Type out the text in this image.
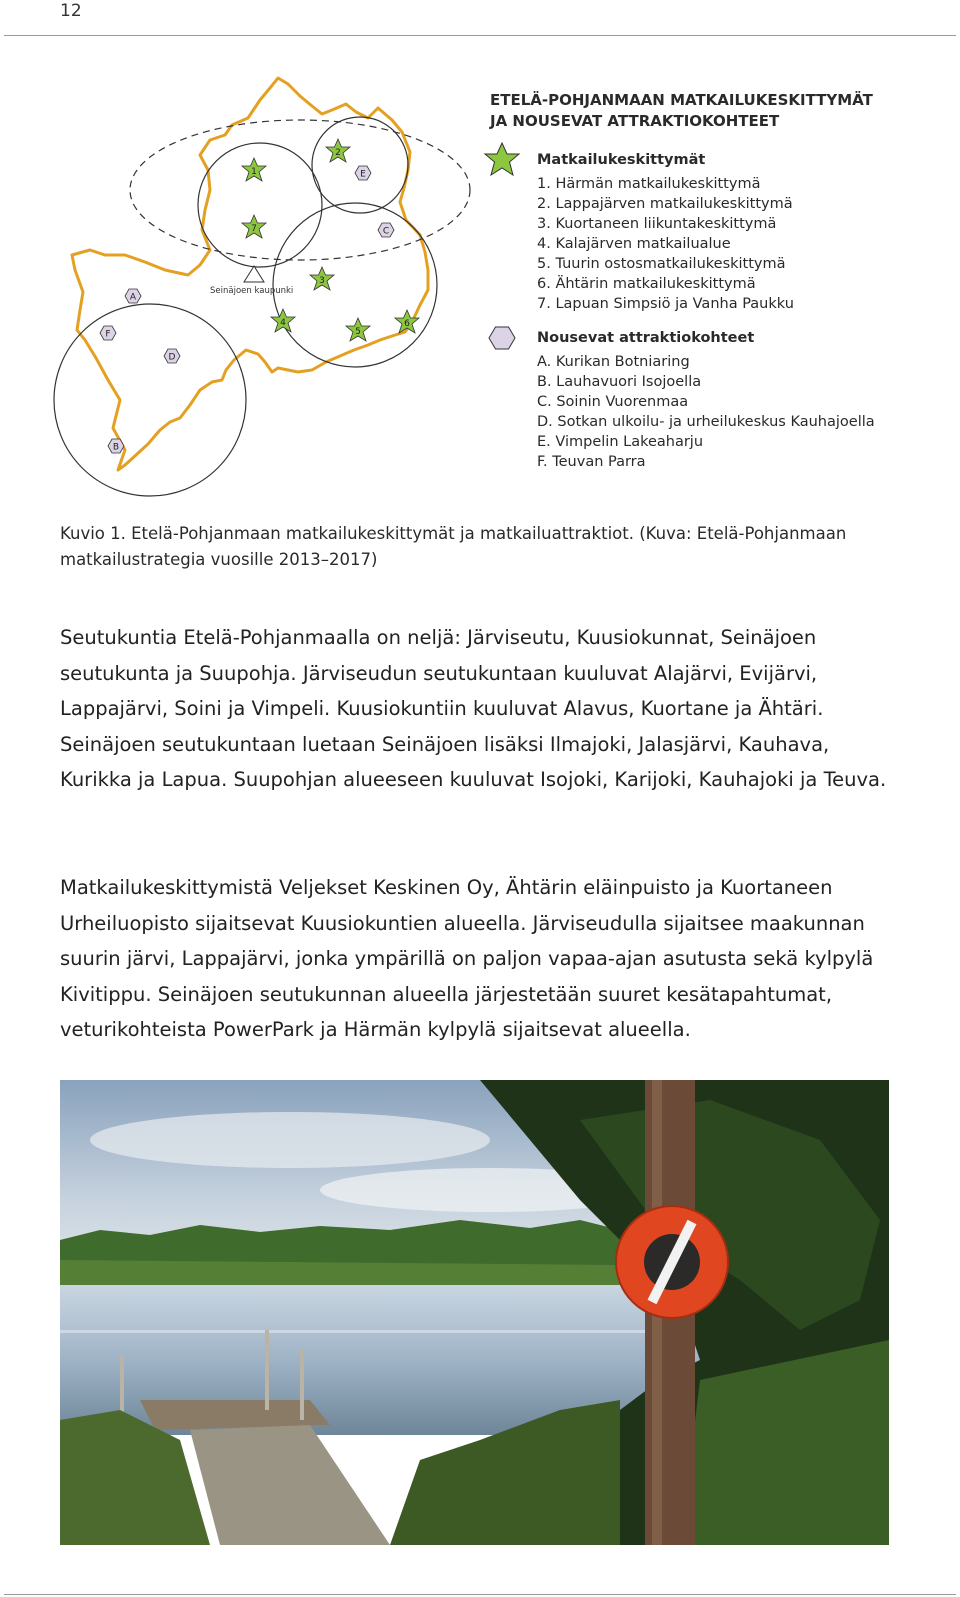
12
Seinäjoen kaupunki
1
2
3
4
5
6
7
A
B
C
D
E
F
ETELÄ-POHJANMAAN MATKAILUKESKITTYMÄT
JA NOUSEVAT ATTRAKTIOKOHTEET
Matkailukeskittymät
1. Härmän matkailukeskittymä
2. Lappajärven matkailukeskittymä
3. Kuortaneen liikuntakeskittymä
4. Kalajärven matkailualue
5. Tuurin ostosmatkailukeskittymä
6. Ähtärin matkailukeskittymä
7. Lapuan Simpsiö ja Vanha Paukku
Nousevat attraktiokohteet
A. Kurikan Botniaring
B. Lauhavuori Isojoella
C. Soinin Vuorenmaa
D. Sotkan ulkoilu- ja urheilukeskus Kauhajoella
E. Vimpelin Lakeaharju
F. Teuvan Parra
Kuvio 1. Etelä-Pohjanmaan matkailukeskittymät ja matkailuattraktiot. (Kuva: Etelä-Pohjanmaan matkailustrategia vuosille 2013–2017)

Seutukuntia Etelä-Pohjanmaalla on neljä: Järviseutu, Kuusiokunnat, Seinäjoen seutukunta ja Suupohja. Järviseudun seutukuntaan kuuluvat Alajärvi, Evijärvi, Lappajärvi, Soini ja Vimpeli. Kuusiokuntiin kuuluvat Alavus, Kuortane ja Ähtäri. Seinäjoen seutukuntaan luetaan Seinäjoen lisäksi Ilmajoki, Jalasjärvi, Kauhava, Kurikka ja Lapua. Suupohjan alueeseen kuuluvat Isojoki, Karijoki, Kauhajoki ja Teuva.

Matkailukeskittymistä Veljekset Keskinen Oy, Ähtärin eläinpuisto ja Kuortaneen Urheiluopisto sijaitsevat Kuusiokuntien alueella. Järviseudulla sijaitsee maakunnan suurin järvi, Lappajärvi, jonka ympärillä on paljon vapaa-ajan asutusta sekä kylpylä Kivitippu. Seinäjoen seutukunnan alueella järjestetään suuret kesätapahtumat, veturikohteista PowerPark ja Härmän kylpylä sijaitsevat alueella.
